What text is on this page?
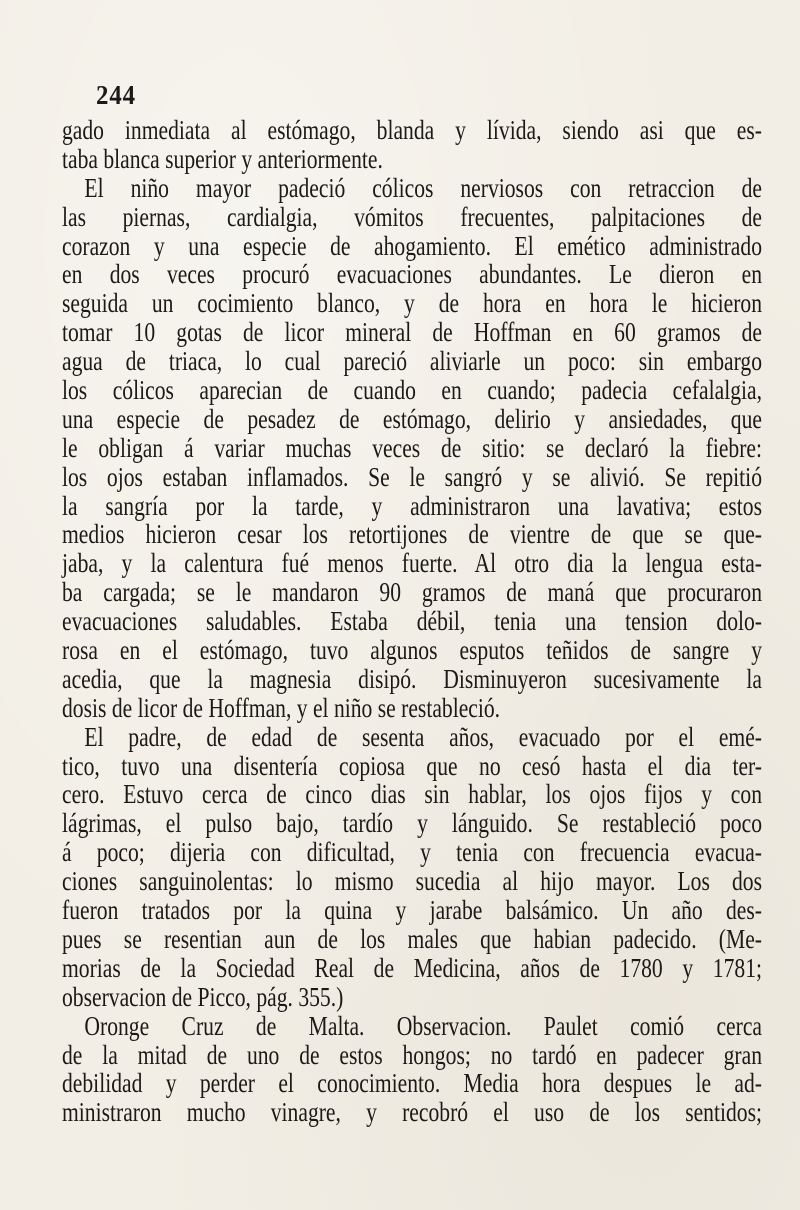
244
gado inmediata al estómago, blanda y lívida, siendo asi que es-
taba blanca superior y anteriormente.
El niño mayor padeció cólicos nerviosos con retraccion de
las piernas, cardialgia, vómitos frecuentes, palpitaciones de
corazon y una especie de ahogamiento. El emético administrado
en dos veces procuró evacuaciones abundantes. Le dieron en
seguida un cocimiento blanco, y de hora en hora le hicieron
tomar 10 gotas de licor mineral de Hoffman en 60 gramos de
agua de triaca, lo cual pareció aliviarle un poco: sin embargo
los cólicos aparecian de cuando en cuando; padecia cefalalgia,
una especie de pesadez de estómago, delirio y ansiedades, que
le obligan á variar muchas veces de sitio: se declaró la fiebre:
los ojos estaban inflamados. Se le sangró y se alivió. Se repitió
la sangría por la tarde, y administraron una lavativa; estos
medios hicieron cesar los retortijones de vientre de que se que-
jaba, y la calentura fué menos fuerte. Al otro dia la lengua esta-
ba cargada; se le mandaron 90 gramos de maná que procuraron
evacuaciones saludables. Estaba débil, tenia una tension dolo-
rosa en el estómago, tuvo algunos esputos teñidos de sangre y
acedia, que la magnesia disipó. Disminuyeron sucesivamente la
dosis de licor de Hoffman, y el niño se restableció.
El padre, de edad de sesenta años, evacuado por el emé-
tico, tuvo una disentería copiosa que no cesó hasta el dia ter-
cero. Estuvo cerca de cinco dias sin hablar, los ojos fijos y con
lágrimas, el pulso bajo, tardío y lánguido. Se restableció poco
á poco; dijeria con dificultad, y tenia con frecuencia evacua-
ciones sanguinolentas: lo mismo sucedia al hijo mayor. Los dos
fueron tratados por la quina y jarabe balsámico. Un año des-
pues se resentian aun de los males que habian padecido. (Me-
morias de la Sociedad Real de Medicina, años de 1780 y 1781;
observacion de Picco, pág. 355.)
Oronge Cruz de Malta. Observacion. Paulet comió cerca
de la mitad de uno de estos hongos; no tardó en padecer gran
debilidad y perder el conocimiento. Media hora despues le ad-
ministraron mucho vinagre, y recobró el uso de los sentidos;
